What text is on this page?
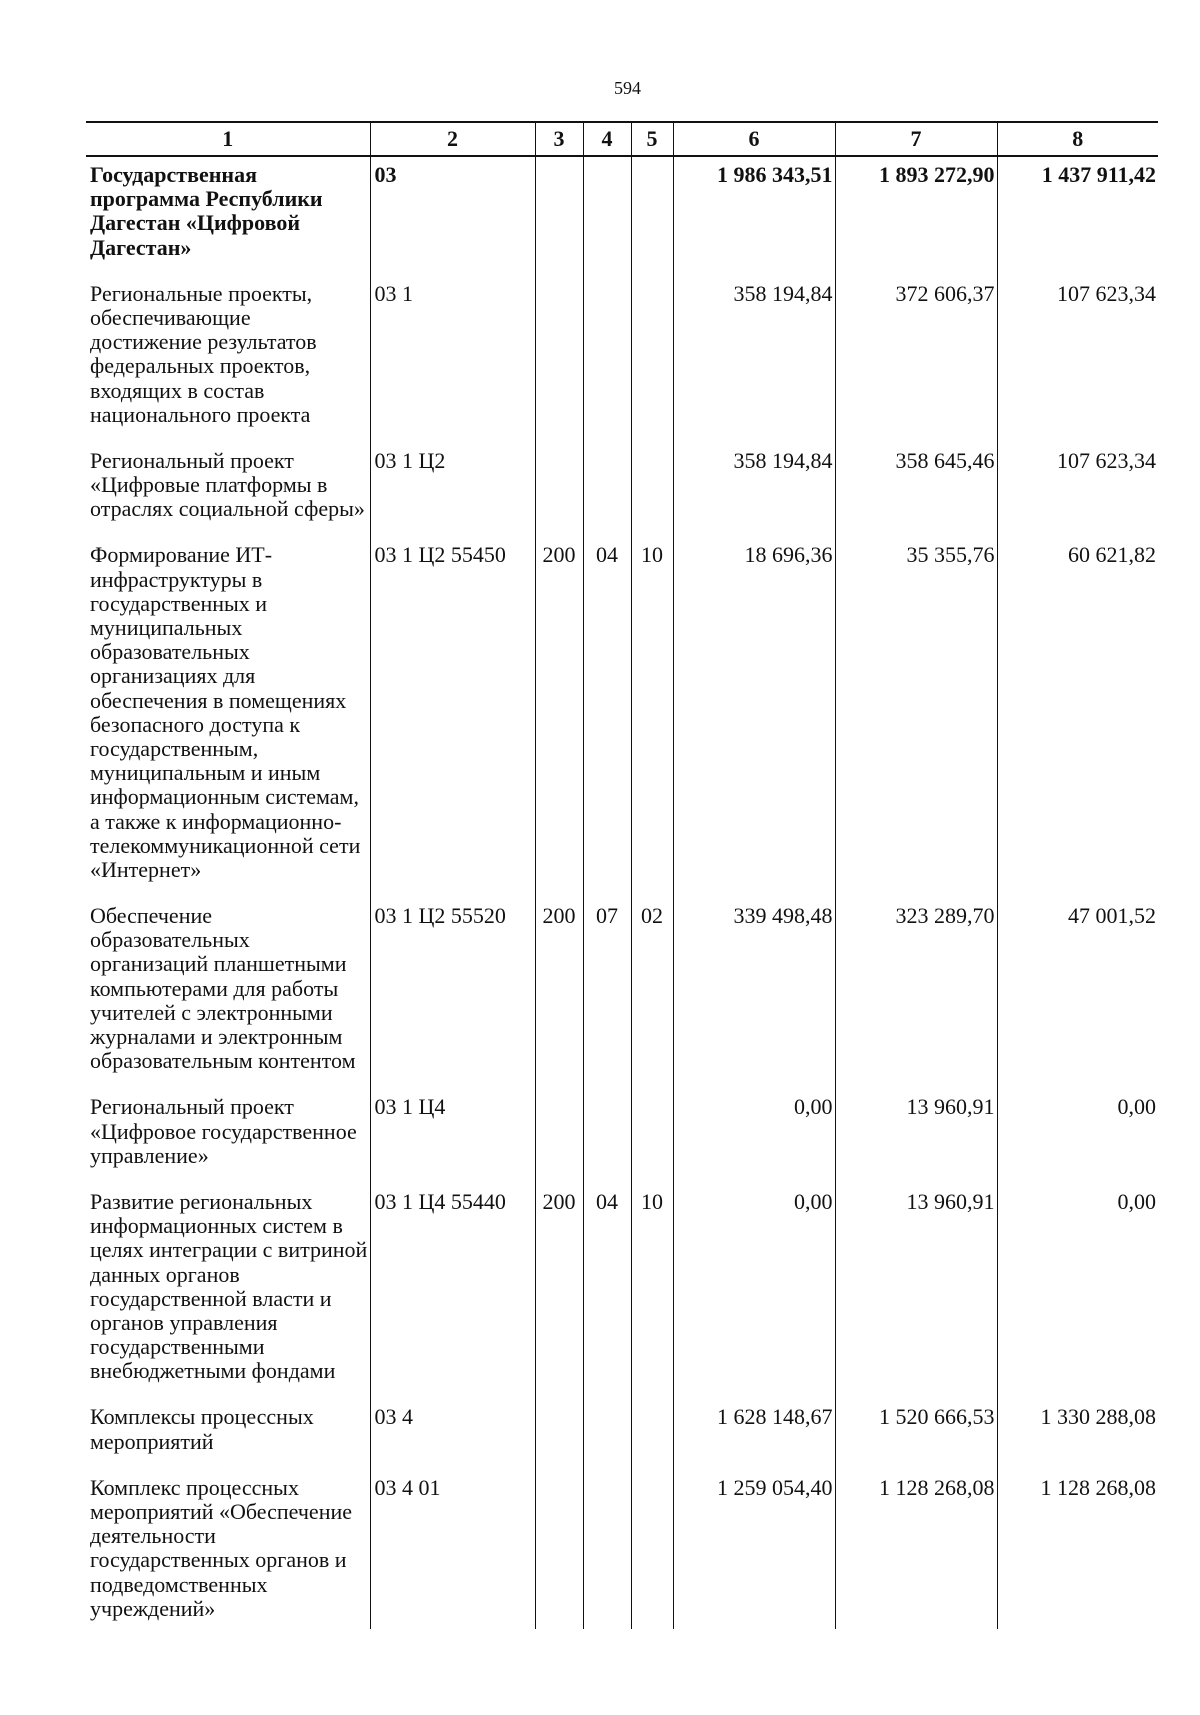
594
1	2	3	4	5	6	7	8
Государственная программа Республики Дагестан «Цифровой Дагестан»	03				1 986 343,51	1 893 272,90	1 437 911,42
Региональные проекты, обеспечивающие достижение результатов федеральных проектов, входящих в состав национального проекта	03 1				358 194,84	372 606,37	107 623,34
Региональный проект «Цифровые платформы в отраслях социальной сферы»	03 1 Ц2				358 194,84	358 645,46	107 623,34
Формирование ИТ- инфраструктуры в государственных и муниципальных образовательных организациях для обеспечения в помещениях безопасного доступа к государственным, муниципальным и иным информационным системам, а также к информационно-телекоммуникационной сети «Интернет»	03 1 Ц2 55450	200	04	10	18 696,36	35 355,76	60 621,82
Обеспечение образовательных организаций планшетными компьютерами для работы учителей с электронными журналами и электронным образовательным контентом	03 1 Ц2 55520	200	07	02	339 498,48	323 289,70	47 001,52
Региональный проект «Цифровое государственное управление»	03 1 Ц4				0,00	13 960,91	0,00
Развитие региональных информационных систем в целях интеграции с витриной данных органов государственной власти и органов управления государственными внебюджетными фондами	03 1 Ц4 55440	200	04	10	0,00	13 960,91	0,00
Комплексы процессных мероприятий	03 4				1 628 148,67	1 520 666,53	1 330 288,08
Комплекс процессных мероприятий «Обеспечение деятельности государственных органов и подведомственных учреждений»	03 4 01				1 259 054,40	1 128 268,08	1 128 268,08
